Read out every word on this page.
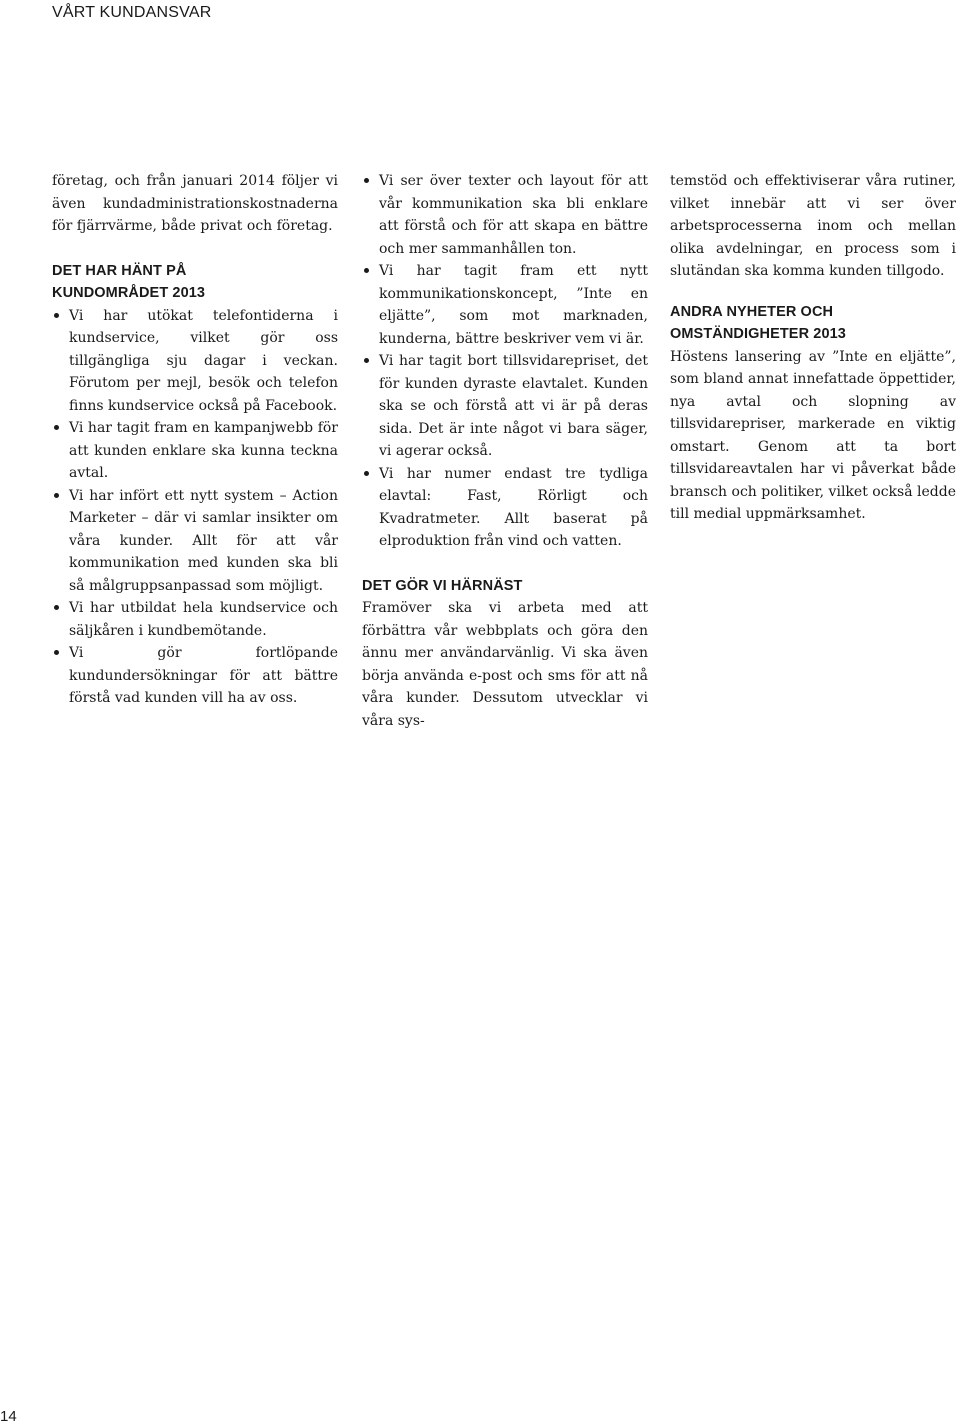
VÅRT KUNDANSVAR

företag, och från januari 2014 följer vi även kundadministrationskostnaderna för fjärrvärme, både privat och företag.

DET HAR HÄNT PÅ KUNDOMRÅDET 2013
Vi har utökat telefontiderna i kundservice, vilket gör oss tillgängliga sju dagar i veckan. Förutom per mejl, besök och telefon finns kundservice också på Facebook.
Vi har tagit fram en kampanjwebb för att kunden enklare ska kunna teckna avtal.
Vi har infört ett nytt system – Action Marketer – där vi samlar insikter om våra kunder. Allt för att vår kommunikation med kunden ska bli så målgruppsanpassad som möjligt.
Vi har utbildat hela kundservice och säljkåren i kundbemötande.
Vi gör fortlöpande kundundersökningar för att bättre förstå vad kunden vill ha av oss.
Vi ser över texter och layout för att vår kommunikation ska bli enklare att förstå och för att skapa en bättre och mer sammanhållen ton.
Vi har tagit fram ett nytt kommunikationskoncept, ”Inte en eljätte”, som mot marknaden, kunderna, bättre beskriver vem vi är.
Vi har tagit bort tillsvidarepriset, det för kunden dyraste elavtalet. Kunden ska se och förstå att vi är på deras sida. Det är inte något vi bara säger, vi agerar också.
Vi har numer endast tre tydliga elavtal: Fast, Rörligt och Kvadratmeter. Allt baserat på elproduktion från vind och vatten.
DET GÖR VI HÄRNÄST

Framöver ska vi arbeta med att förbättra vår webbplats och göra den ännu mer användarvänlig. Vi ska även börja använda e-post och sms för att nå våra kunder. Dessutom utvecklar vi våra sys-

temstöd och effektiviserar våra rutiner, vilket innebär att vi ser över arbetsprocesserna inom och mellan olika avdelningar, en process som i slutändan ska komma kunden tillgodo.

ANDRA NYHETER OCH OMSTÄNDIGHETER 2013

Höstens lansering av ”Inte en eljätte”, som bland annat innefattade öppettider, nya avtal och slopning av tillsvidarepriser, markerade en viktig omstart. Genom att ta bort tillsvidareavtalen har vi påverkat både bransch och politiker, vilket också ledde till medial uppmärksamhet.

14
